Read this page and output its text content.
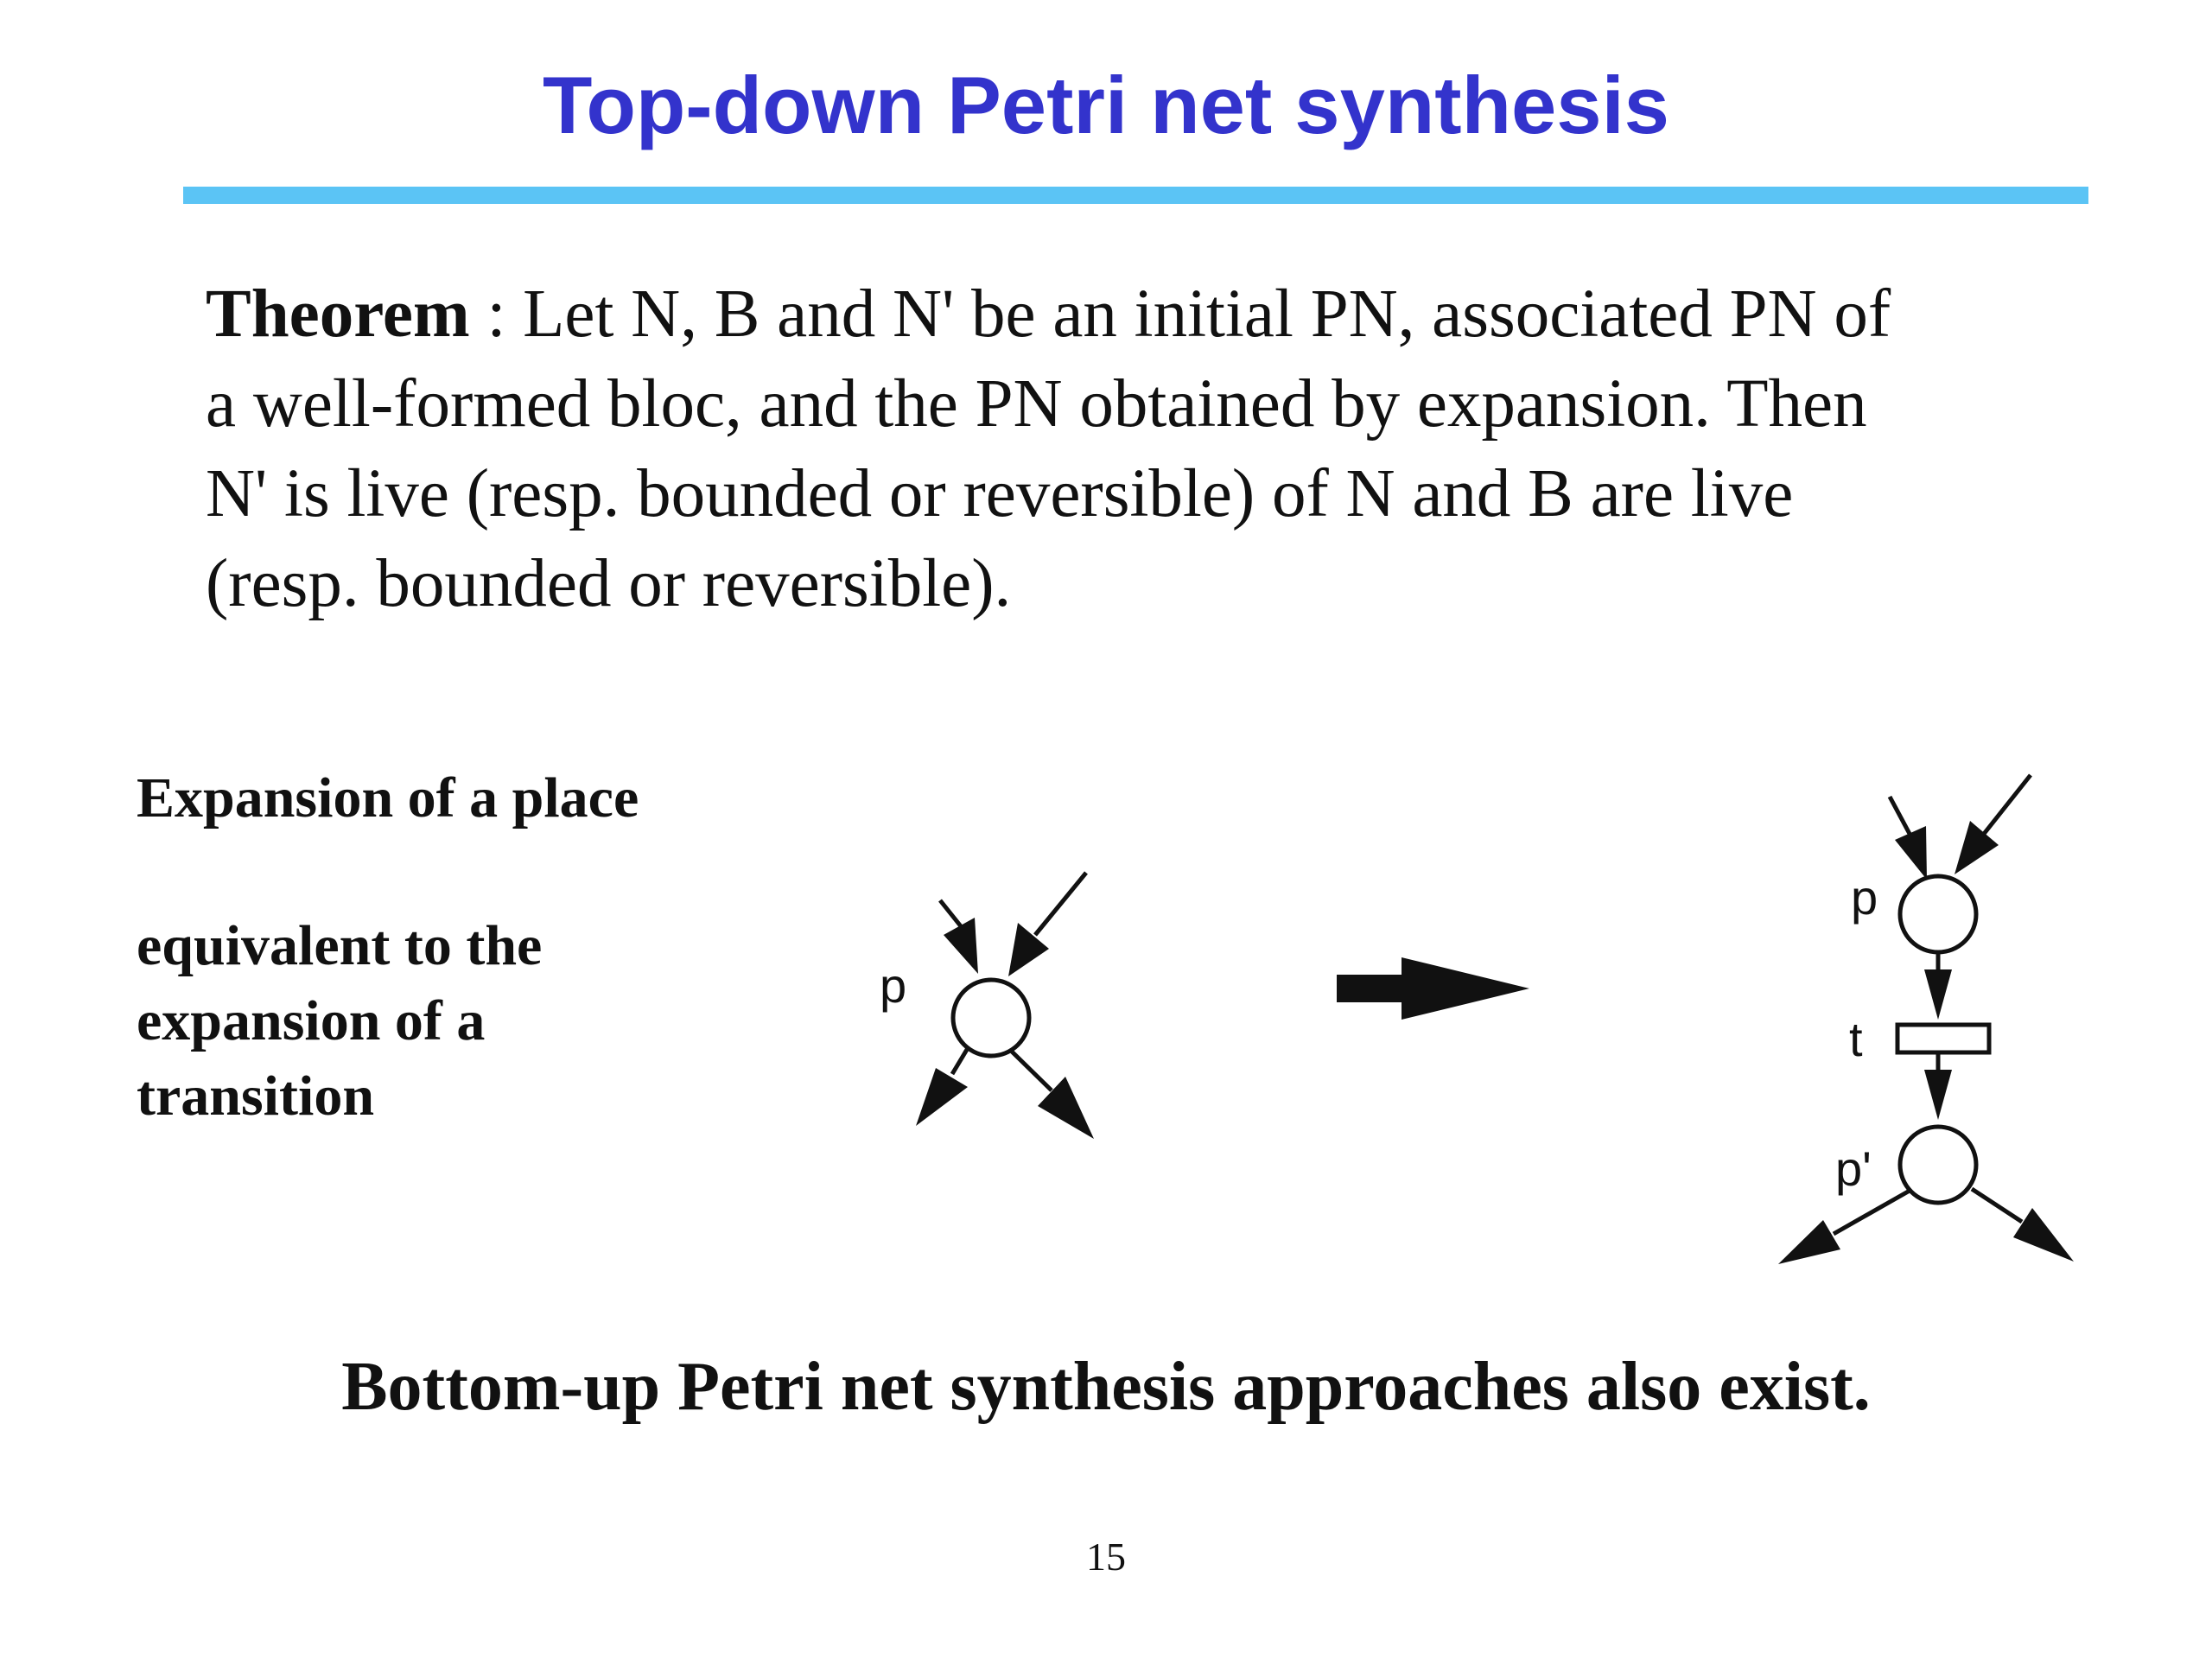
Top-down Petri net synthesis
Theorem : Let N, B and N' be an initial PN, associated PN of
a well-formed bloc, and the PN obtained by expansion. Then
N' is live (resp. bounded or reversible) of N and B are live
(resp. bounded or reversible).
Expansion of a place
equivalent to the
expansion of a
transition
p
p
t
p'
Bottom-up Petri net synthesis approaches also exist.
15
